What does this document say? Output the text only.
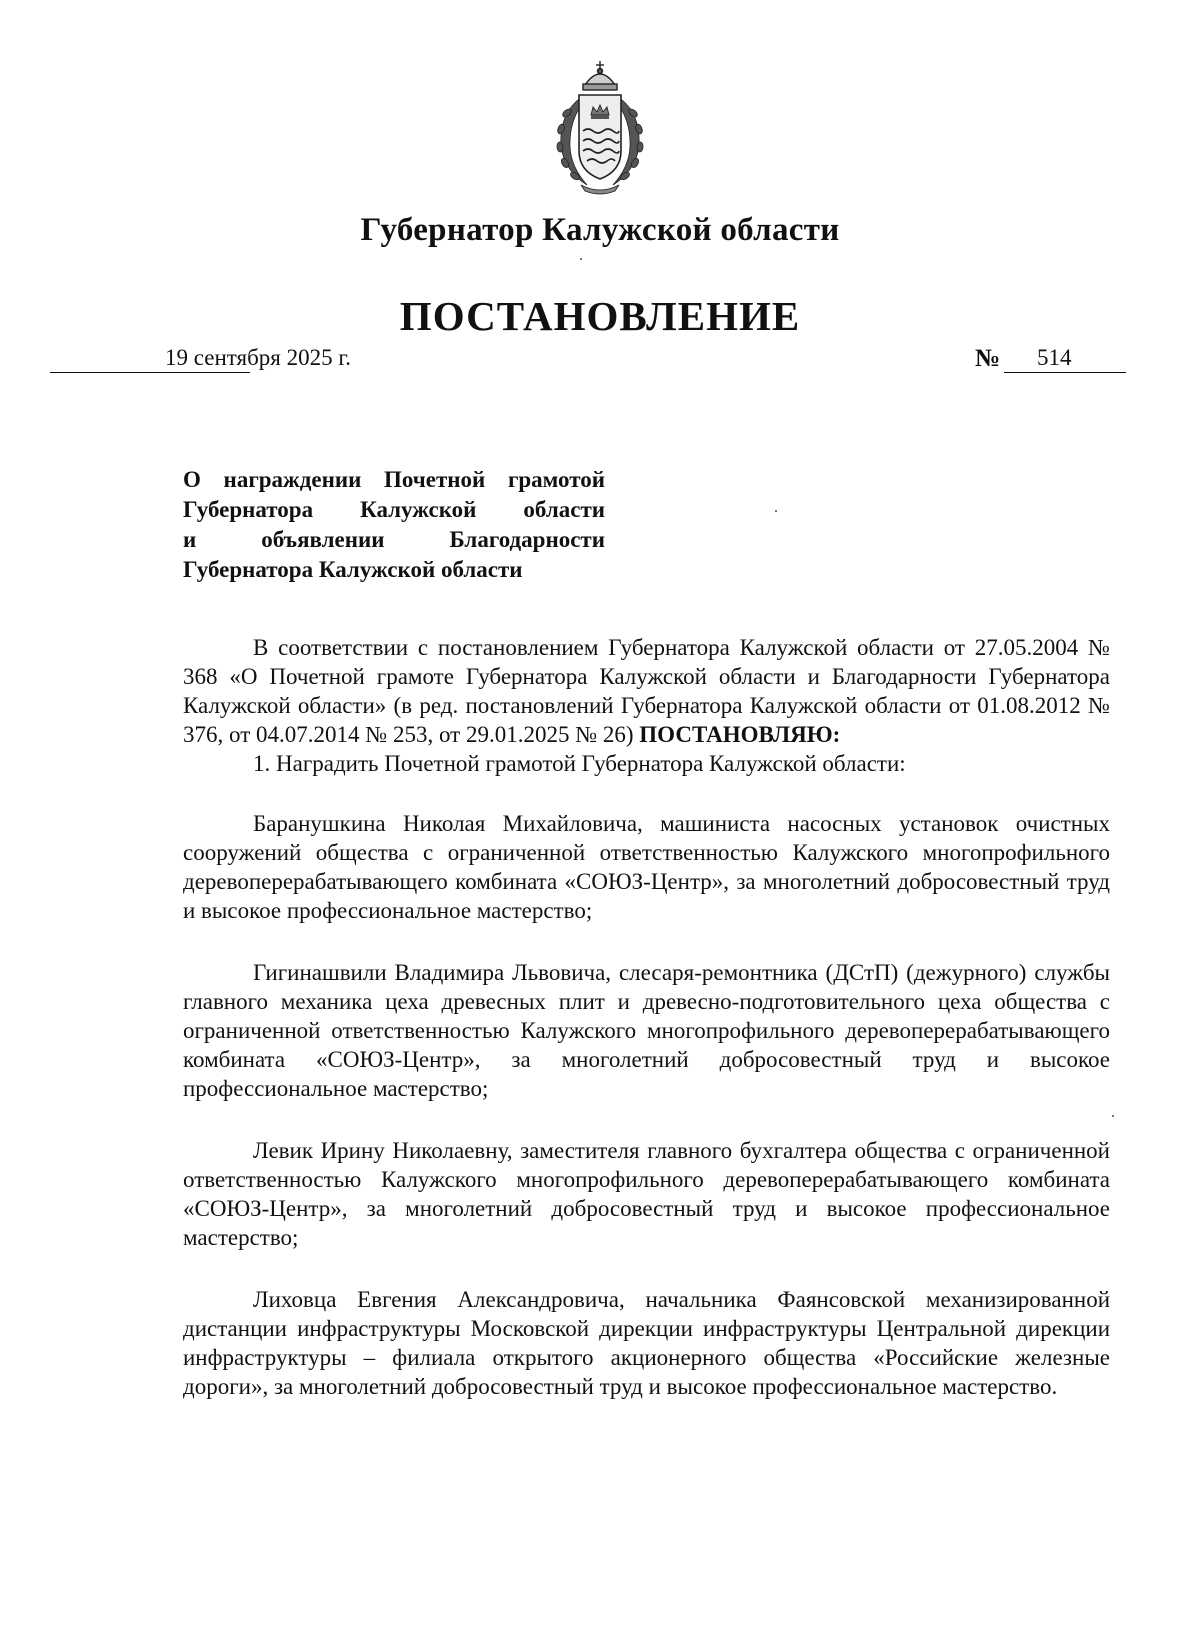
Губернатор Калужской области
ПОСТАНОВЛЕНИЕ
19 сентября 2025 г.	№ 514
О награждении Почетной грамотой
Губернатора Калужской области
и объявлении Благодарности
Губернатора Калужской области

В соответствии с постановлением Губернатора Калужской области от 27.05.2004 № 368 «О Почетной грамоте Губернатора Калужской области и Благодарности Губернатора Калужской области» (в ред. постановлений Губернатора Калужской области от 01.08.2012 № 376, от 04.07.2014 № 253, от 29.01.2025 № 26) ПОСТАНОВЛЯЮ:

1. Наградить Почетной грамотой Губернатора Калужской области:

Баранушкина Николая Михайловича, машиниста насосных установок очистных сооружений общества с ограниченной ответственностью Калужского многопрофильного деревоперерабатывающего комбината «СОЮЗ-Центр», за многолетний добросовестный труд и высокое профессиональное мастерство;

Гигинашвили Владимира Львовича, слесаря-ремонтника (ДСтП) (дежурного) службы главного механика цеха древесных плит и древесно-подготовительного цеха общества с ограниченной ответственностью Калужского многопрофильного деревоперерабатывающего комбината «СОЮЗ-Центр», за многолетний добросовестный труд и высокое профессиональное мастерство;

Левик Ирину Николаевну, заместителя главного бухгалтера общества с ограниченной ответственностью Калужского многопрофильного деревоперерабатывающего комбината «СОЮЗ-Центр», за многолетний добросовестный труд и высокое профессиональное мастерство;

Лиховца Евгения Александровича, начальника Фаянсовской механизированной дистанции инфраструктуры Московской дирекции инфраструктуры Центральной дирекции инфраструктуры – филиала открытого акционерного общества «Российские железные дороги», за многолетний добросовестный труд и высокое профессиональное мастерство.
